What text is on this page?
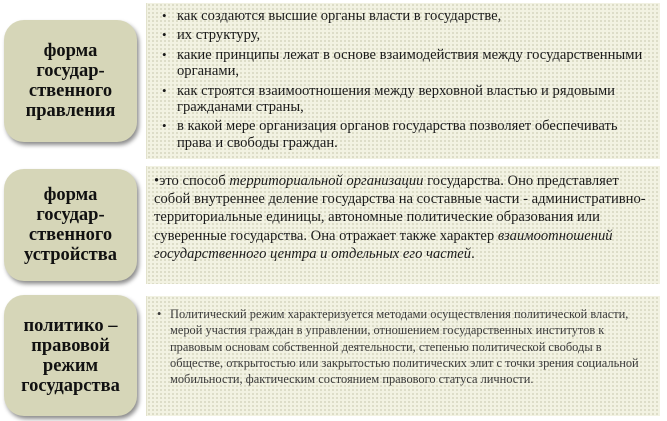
форма
государ-
ственного
правления
• как создаются высшие органы власти в государстве,
• их структуру,
• какие принципы лежат в основе взаимодействия между государственными органами,
• как строятся взаимоотношения между верховной властью и рядовыми гражданами страны,
• в какой мере организация органов государства позволяет обеспечивать права и свободы граждан.
форма
государ-
ственного
устройства

•это способ территориальной организации государства. Оно представляет собой внутреннее деление государства на составные части - административно-территориальные единицы, автономные политические образования или суверенные государства. Она отражает также характер взаимоотношений государственного центра и отдельных его частей.

политико –
правовой
режим
государства

• Политический режим характеризуется методами осуществления политической власти, мерой участия граждан в управлении, отношением государственных институтов к правовым основам собственной деятельности, степенью политической свободы в обществе, открытостью или закрытостью политических элит с точки зрения социальной мобильности, фактическим состоянием правового статуса личности.
